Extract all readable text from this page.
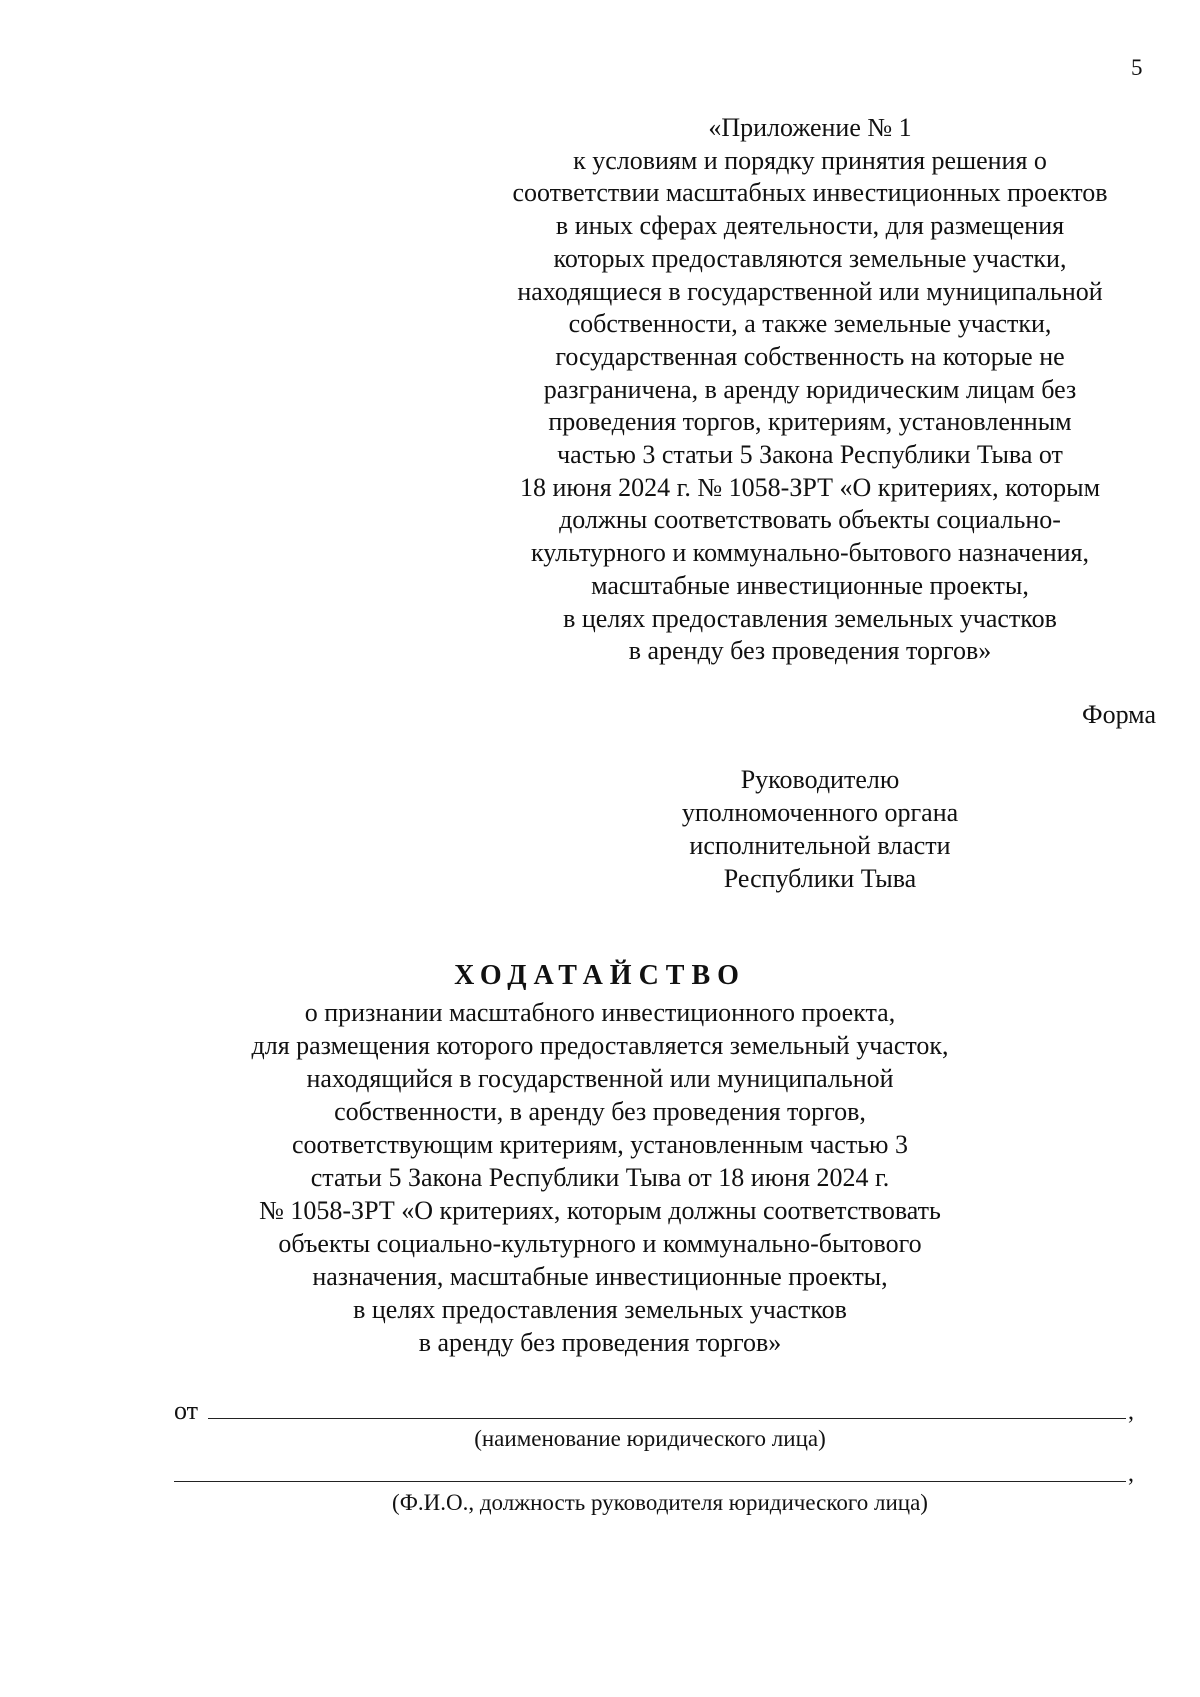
5
«Приложение № 1
к условиям и порядку принятия решения о
соответствии масштабных инвестиционных проектов
в иных сферах деятельности, для размещения
которых предоставляются земельные участки,
находящиеся в государственной или муниципальной
собственности, а также земельные участки,
государственная собственность на которые не
разграничена, в аренду юридическим лицам без
проведения торгов, критериям, установленным
частью 3 статьи 5 Закона Республики Тыва от
18 июня 2024 г. № 1058-ЗРТ «О критериях, которым
должны соответствовать объекты социально-
культурного и коммунально-бытового назначения,
масштабные инвестиционные проекты,
в целях предоставления земельных участков
в аренду без проведения торгов»
Форма
Руководителю
уполномоченного органа
исполнительной власти
Республики Тыва
ХОДАТАЙСТВО
о признании масштабного инвестиционного проекта,
для размещения которого предоставляется земельный участок,
находящийся в государственной или муниципальной
собственности, в аренду без проведения торгов,
соответствующим критериям, установленным частью 3
статьи 5 Закона Республики Тыва от 18 июня 2024 г.
№ 1058-ЗРТ «О критериях, которым должны соответствовать
объекты социально-культурного и коммунально-бытового
назначения, масштабные инвестиционные проекты,
в целях предоставления земельных участков
в аренду без проведения торгов»
от	,
(наименование юридического лица)
,
(Ф.И.О., должность руководителя юридического лица)
